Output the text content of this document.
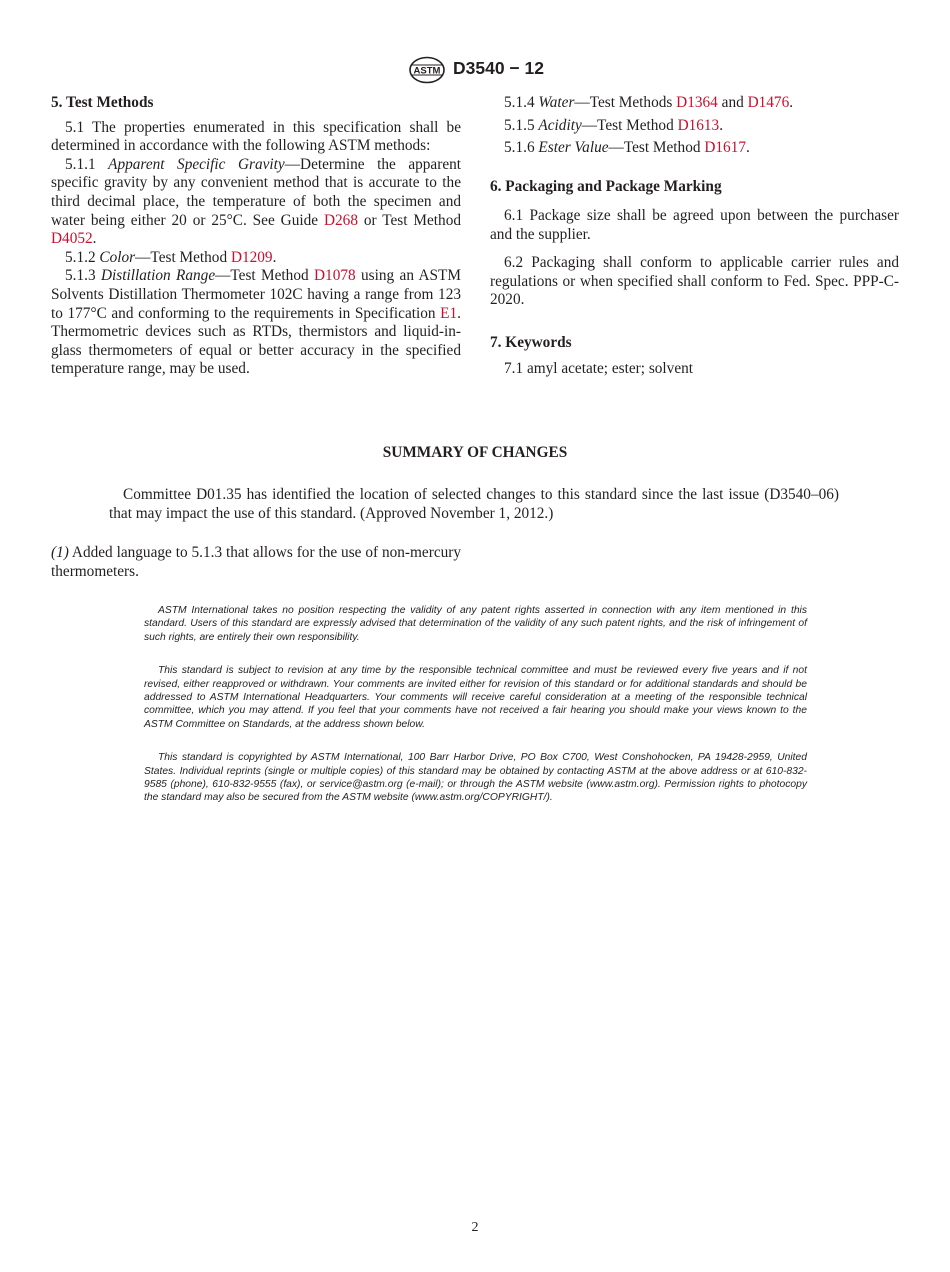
ASTM D3540 − 12
5. Test Methods

5.1 The properties enumerated in this specification shall be determined in accordance with the following ASTM methods:

5.1.1 Apparent Specific Gravity—Determine the apparent specific gravity by any convenient method that is accurate to the third decimal place, the temperature of both the specimen and water being either 20 or 25°C. See Guide D268 or Test Method D4052.

5.1.2 Color—Test Method D1209.

5.1.3 Distillation Range—Test Method D1078 using an ASTM Solvents Distillation Thermometer 102C having a range from 123 to 177°C and conforming to the requirements in Specification E1. Thermometric devices such as RTDs, thermistors and liquid-in-glass thermometers of equal or better accuracy in the specified temperature range, may be used.

5.1.4 Water—Test Methods D1364 and D1476.

5.1.5 Acidity—Test Method D1613.

5.1.6 Ester Value—Test Method D1617.

6. Packaging and Package Marking

6.1 Package size shall be agreed upon between the purchaser and the supplier.

6.2 Packaging shall conform to applicable carrier rules and regulations or when specified shall conform to Fed. Spec. PPP-C-2020.

7. Keywords

7.1 amyl acetate; ester; solvent

SUMMARY OF CHANGES

Committee D01.35 has identified the location of selected changes to this standard since the last issue (D3540–06) that may impact the use of this standard. (Approved November 1, 2012.)

(1) Added language to 5.1.3 that allows for the use of non-mercury thermometers.

ASTM International takes no position respecting the validity of any patent rights asserted in connection with any item mentioned in this standard. Users of this standard are expressly advised that determination of the validity of any such patent rights, and the risk of infringement of such rights, are entirely their own responsibility.

This standard is subject to revision at any time by the responsible technical committee and must be reviewed every five years and if not revised, either reapproved or withdrawn. Your comments are invited either for revision of this standard or for additional standards and should be addressed to ASTM International Headquarters. Your comments will receive careful consideration at a meeting of the responsible technical committee, which you may attend. If you feel that your comments have not received a fair hearing you should make your views known to the ASTM Committee on Standards, at the address shown below.

This standard is copyrighted by ASTM International, 100 Barr Harbor Drive, PO Box C700, West Conshohocken, PA 19428-2959, United States. Individual reprints (single or multiple copies) of this standard may be obtained by contacting ASTM at the above address or at 610-832-9585 (phone), 610-832-9555 (fax), or service@astm.org (e-mail); or through the ASTM website (www.astm.org). Permission rights to photocopy the standard may also be secured from the ASTM website (www.astm.org/COPYRIGHT/).

2
